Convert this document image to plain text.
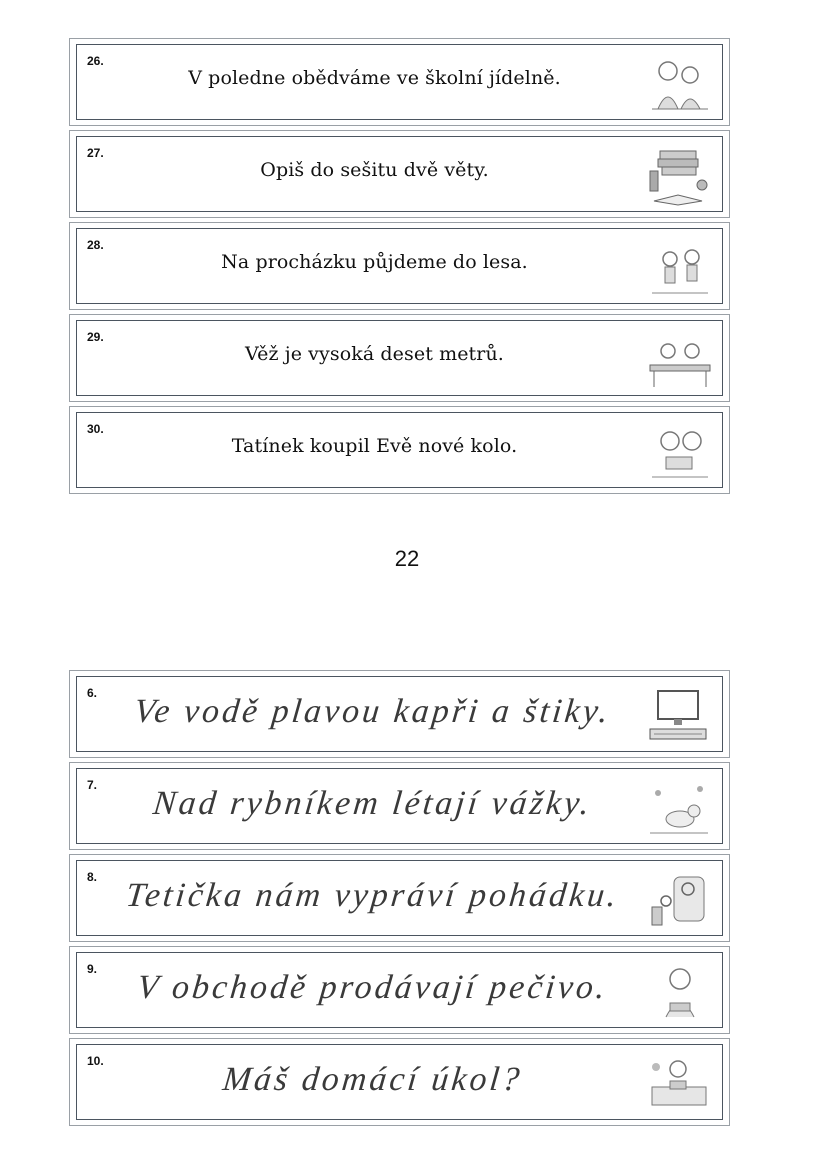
26.
V poledne obědváme ve školní jídelně.
27.
Opiš do sešitu dvě věty.
28.
Na procházku půjdeme do lesa.
29.
Věž je vysoká deset metrů.
30.
Tatínek koupil Evě nové kolo.
22
6.	Ve vodě plavou kapři a štiky.
7.	Nad rybníkem létají vážky.
8. Tetička nám vypráví pohádku.
9.	V obchodě prodávají pečivo.
10.	Máš domácí úkol?
